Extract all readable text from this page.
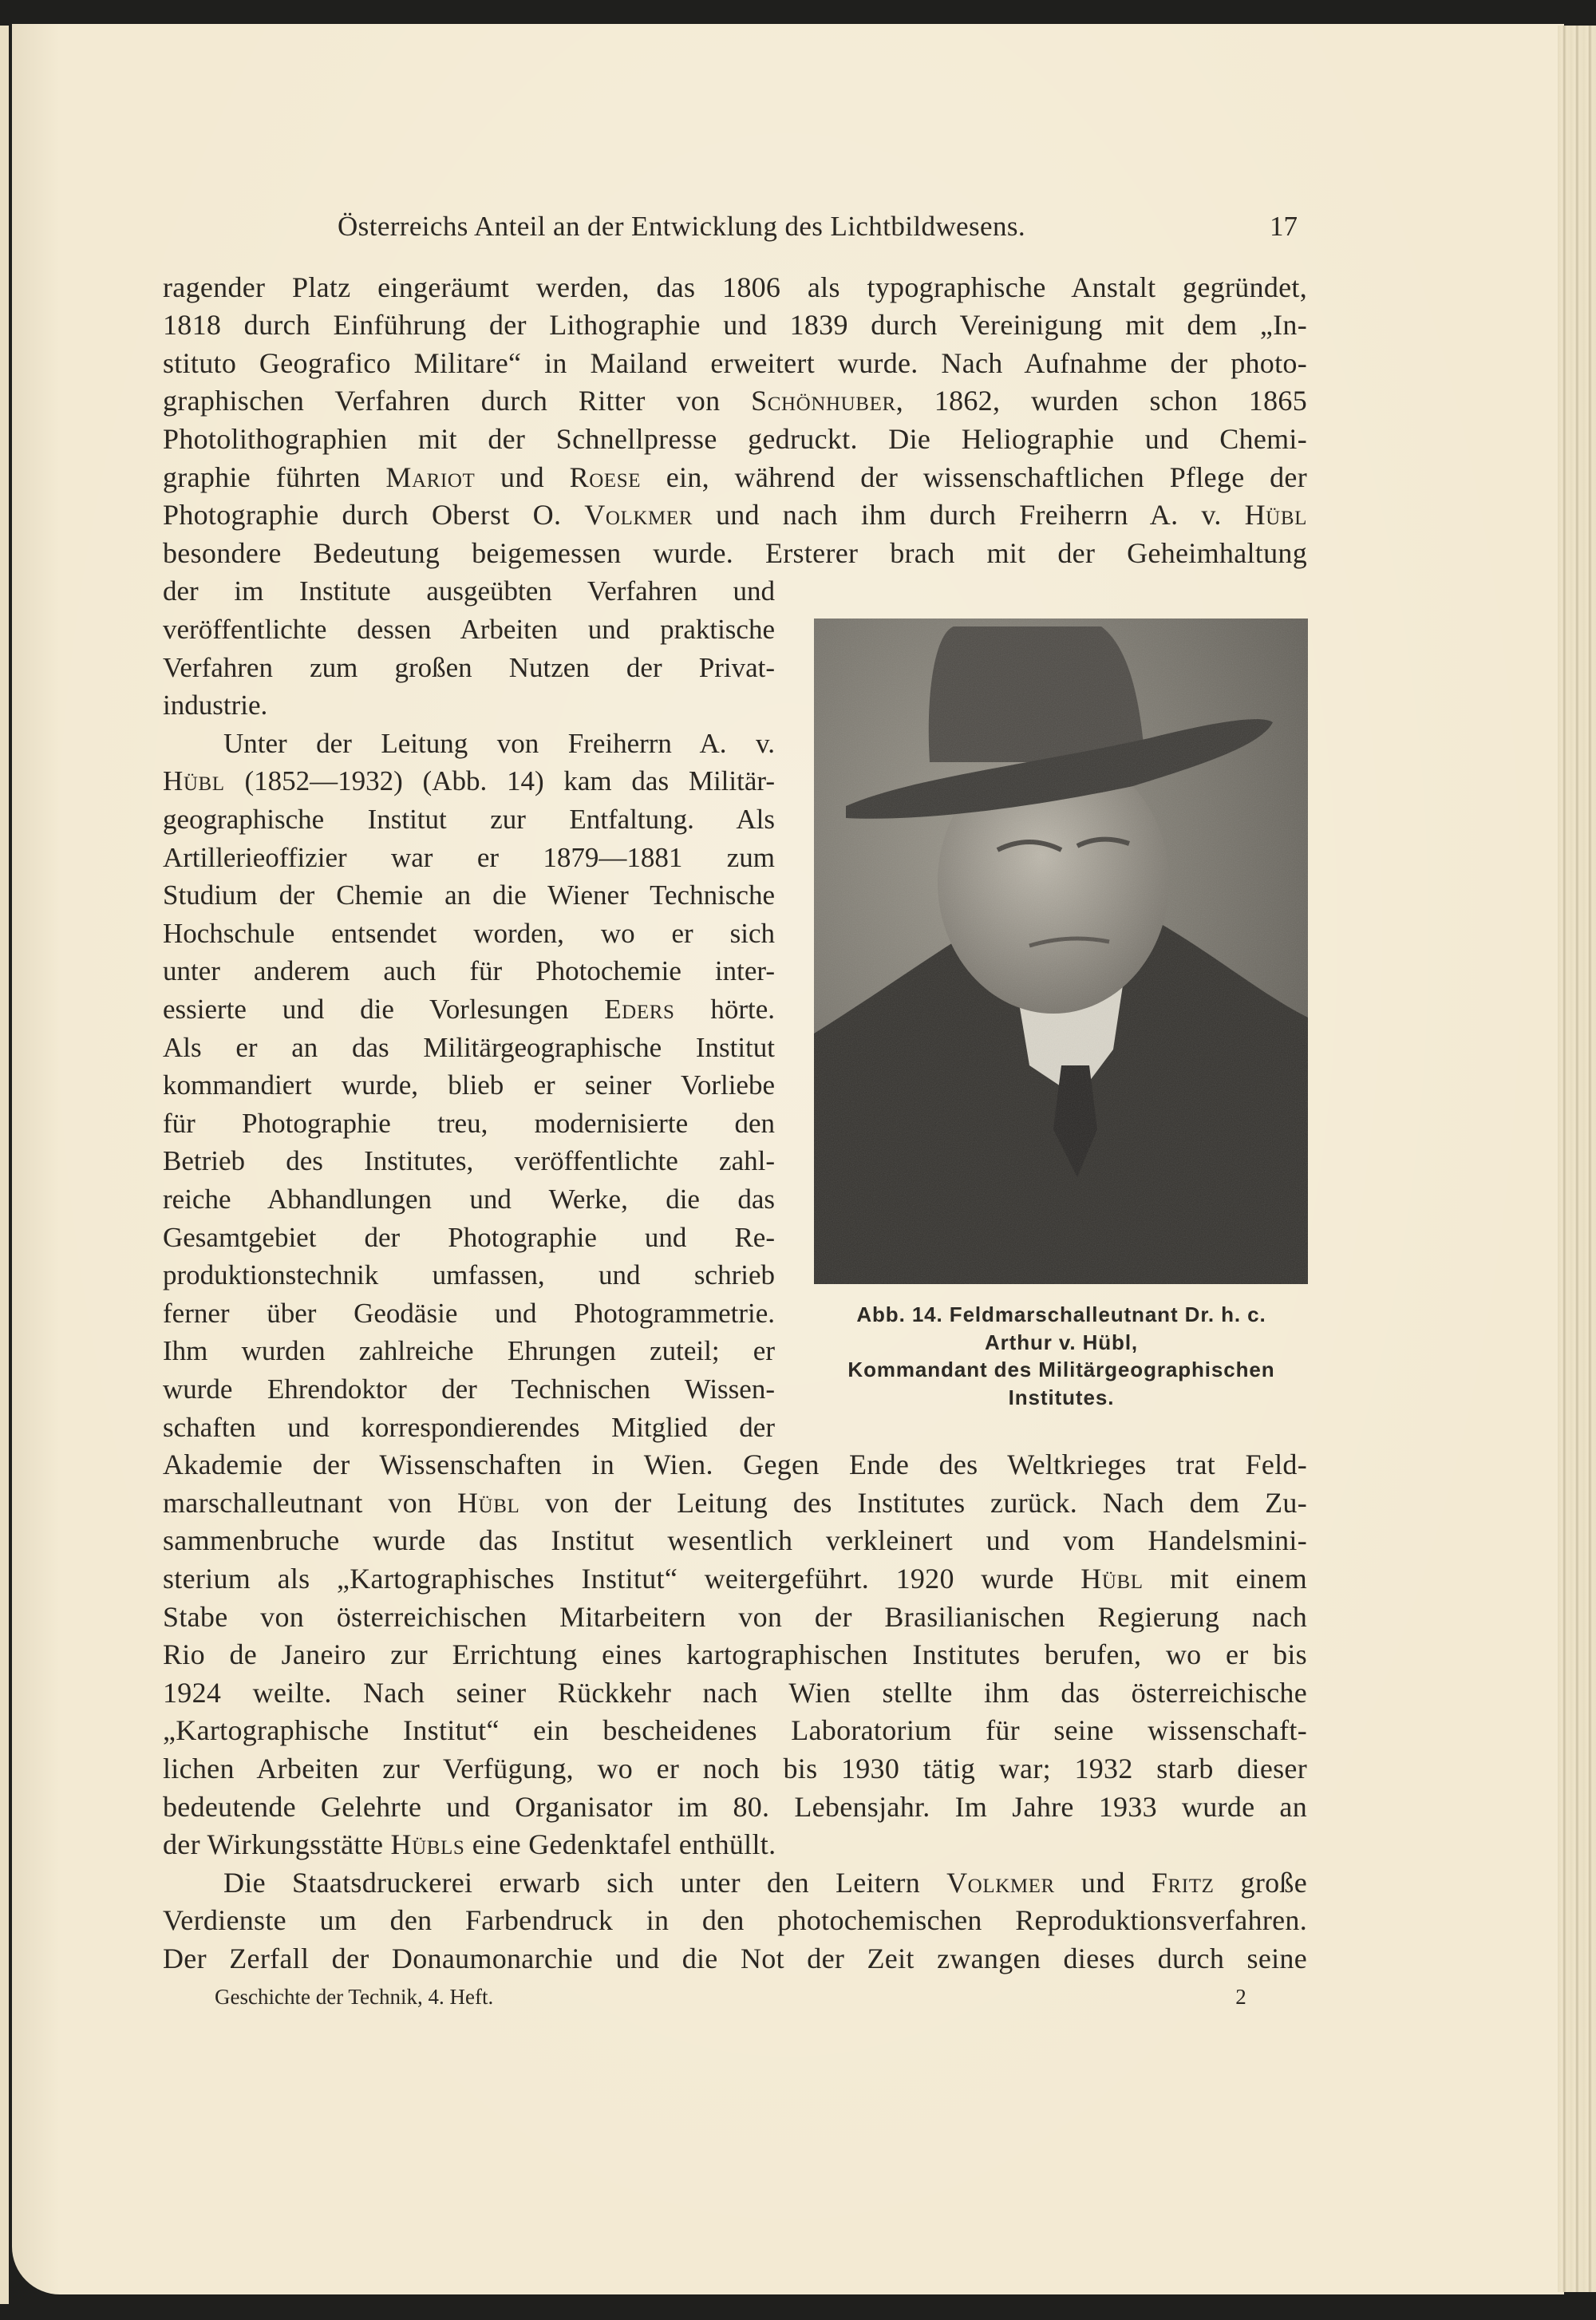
Österreichs Anteil an der Entwicklung des Lichtbildwesens.	17
ragender Platz eingeräumt werden, das 1806 als typographische Anstalt gegründet,
1818 durch Einführung der Lithographie und 1839 durch Vereinigung mit dem „In-
stituto Geografico Militare“ in Mailand erweitert wurde. Nach Aufnahme der photo-
graphischen Verfahren durch Ritter von Schönhuber, 1862, wurden schon 1865
Photolithographien mit der Schnellpresse gedruckt. Die Heliographie und Chemi-
graphie führten Mariot und Roese ein, während der wissenschaftlichen Pflege der
Photographie durch Oberst O. Volkmer und nach ihm durch Freiherrn A. v. Hübl
besondere Bedeutung beigemessen wurde. Ersterer brach mit der Geheimhaltung
der im Institute ausgeübten Verfahren und
veröffentlichte dessen Arbeiten und praktische
Verfahren zum großen Nutzen der Privat-
industrie.
Unter der Leitung von Freiherrn A. v.
Hübl (1852—1932) (Abb. 14) kam das Militär-
geographische Institut zur Entfaltung. Als
Artillerieoffizier war er 1879—1881 zum
Studium der Chemie an die Wiener Technische
Hochschule entsendet worden, wo er sich
unter anderem auch für Photochemie inter-
essierte und die Vorlesungen Eders hörte.
Als er an das Militärgeographische Institut
kommandiert wurde, blieb er seiner Vorliebe
für Photographie treu, modernisierte den
Betrieb des Institutes, veröffentlichte zahl-
reiche Abhandlungen und Werke, die das
Gesamtgebiet der Photographie und Re-
produktionstechnik umfassen, und schrieb
ferner über Geodäsie und Photogrammetrie.
Ihm wurden zahlreiche Ehrungen zuteil; er
wurde Ehrendoktor der Technischen Wissen-
schaften und korrespondierendes Mitglied der
Akademie der Wissenschaften in Wien. Gegen Ende des Weltkrieges trat Feld-
marschalleutnant von Hübl von der Leitung des Institutes zurück. Nach dem Zu-
sammenbruche wurde das Institut wesentlich verkleinert und vom Handelsmini-
sterium als „Kartographisches Institut“ weitergeführt. 1920 wurde Hübl mit einem
Stabe von österreichischen Mitarbeitern von der Brasilianischen Regierung nach
Rio de Janeiro zur Errichtung eines kartographischen Institutes berufen, wo er bis
1924 weilte. Nach seiner Rückkehr nach Wien stellte ihm das österreichische
„Kartographische Institut“ ein bescheidenes Laboratorium für seine wissenschaft-
lichen Arbeiten zur Verfügung, wo er noch bis 1930 tätig war; 1932 starb dieser
bedeutende Gelehrte und Organisator im 80. Lebensjahr. Im Jahre 1933 wurde an
der Wirkungsstätte Hübls eine Gedenktafel enthüllt.
Die Staatsdruckerei erwarb sich unter den Leitern Volkmer und Fritz große
Verdienste um den Farbendruck in den photochemischen Reproduktionsverfahren.
Der Zerfall der Donaumonarchie und die Not der Zeit zwangen dieses durch seine
Abb. 14. Feldmarschalleutnant Dr. h. c.
Arthur v. Hübl,
Kommandant des Militärgeographischen
Institutes.
Geschichte der Technik, 4. Heft.	2
